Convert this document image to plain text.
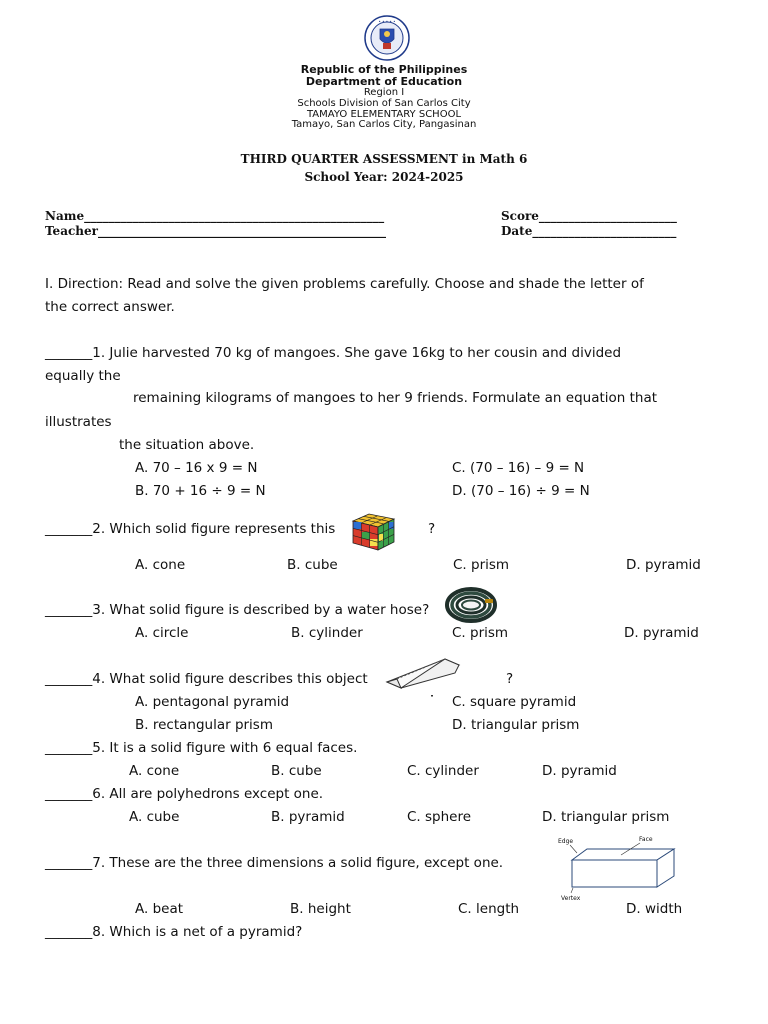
• • • • •
Republic of the Philippines
Department of Education
Region I
Schools Division of San Carlos City
TAMAYO ELEMENTARY SCHOOL
Tamayo, San Carlos City, Pangasinan
THIRD QUARTER ASSESSMENT in Math 6
School Year: 2024-2025
Name__________________________________________________
Teacher________________________________________________
Score_______________________
Date________________________
I. Direction: Read and solve the given problems carefully. Choose and shade the letter of
the correct answer.
_______1. Julie harvested 70 kg of mangoes. She gave 16kg to her cousin and divided
equally the
remaining kilograms of mangoes to her 9 friends. Formulate an equation that
illustrates
the situation above.
A. 70 – 16 x 9 = N	C. (70 – 16) – 9 = N
B. 70 + 16 ÷ 9 = N	D. (70 – 16) ÷ 9 = N
_______2. Which solid figure represents this	?
A. cone	B. cube	C. prism	D. pyramid
_______3. What solid figure is described by a water hose?
A. circle	B. cylinder	C. prism	D. pyramid
_______4. What solid figure describes this object	?
A. pentagonal pyramid	C. square pyramid
B. rectangular prism	D. triangular prism
_______5. It is a solid figure with 6 equal faces.
A. cone	B. cube	C. cylinder	D. pyramid
_______6. All are polyhedrons except one.
A. cube	B. pyramid	C. sphere	D. triangular prism
_______7. These are the three dimensions a solid figure, except one.
Edge	Face
Vertex
A. beat	B. height	C. length	D. width
_______8. Which is a net of a pyramid?
